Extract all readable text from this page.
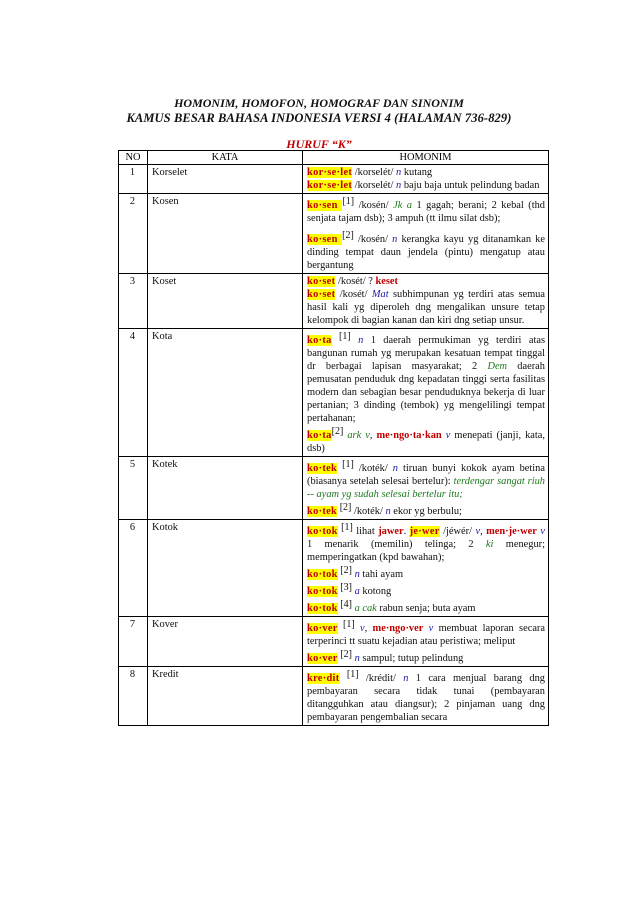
HOMONIM, HOMOFON, HOMOGRAF DAN SINONIM
KAMUS BESAR BAHASA INDONESIA VERSI 4 (HALAMAN 736-829)
HURUF “K”
NO	KATA	HOMONIM
1	Korselet	kor·se·let /korselét/ n kutang
kor·se·let /korselét/ n baju baja untuk pelindung badan

2	Kosen	ko·sen [1] /kosén/ Jk a 1 gagah; berani; 2 kebal (thd senjata tajam dsb); 3 ampuh (tt ilmu silat dsb);
ko·sen [2] /kosén/ n kerangka kayu yg ditanamkan ke dinding tempat daun jendela (pintu) mengatup atau bergantung

3	Koset	ko·set /kosét/ ? keset
ko·set /kosét/ Mat subhimpunan yg terdiri atas semua hasil kali yg diperoleh dng mengalikan unsure tetap kelompok di bagian kanan dan kiri dng setiap unsur.

4	Kota	ko·ta [1] n 1 daerah permukiman yg terdiri atas bangunan rumah yg merupakan kesatuan tempat tinggal dr berbagai lapisan masyarakat; 2 Dem daerah pemusatan penduduk dng kepadatan tinggi serta fasilitas modern dan sebagian besar penduduknya bekerja di luar pertanian; 3 dinding (tembok) yg mengelilingi tempat pertahanan;
ko·ta[2] ark v, me·ngo·ta·kan v menepati (janji, kata, dsb)

5	Kotek	ko·tek [1] /koték/ n tiruan bunyi kokok ayam betina (biasanya setelah selesai bertelur): terdengar sangat riuh -- ayam yg sudah selesai bertelur itu;
ko·tek [2] /koték/ n ekor yg berbulu;

6	Kotok	ko·tok [1] lihat jawer. je·wer /jéwér/ v, men·je·wer v 1 menarik (memilin) telinga; 2 ki menegur; memperingatkan (kpd bawahan);
ko·tok [2] n tahi ayam
ko·tok [3] a kotong
ko·tok [4] a cak rabun senja; buta ayam

7	Kover	ko·ver [1] v, me·ngo·ver v membuat laporan secara terperinci tt suatu kejadian atau peristiwa; meliput
ko·ver [2] n sampul; tutup pelindung

8	Kredit	kre·dit [1] /krédit/ n 1 cara menjual barang dng pembayaran secara tidak tunai (pembayaran ditangguhkan atau diangsur); 2 pinjaman uang dng pembayaran pengembalian secara
